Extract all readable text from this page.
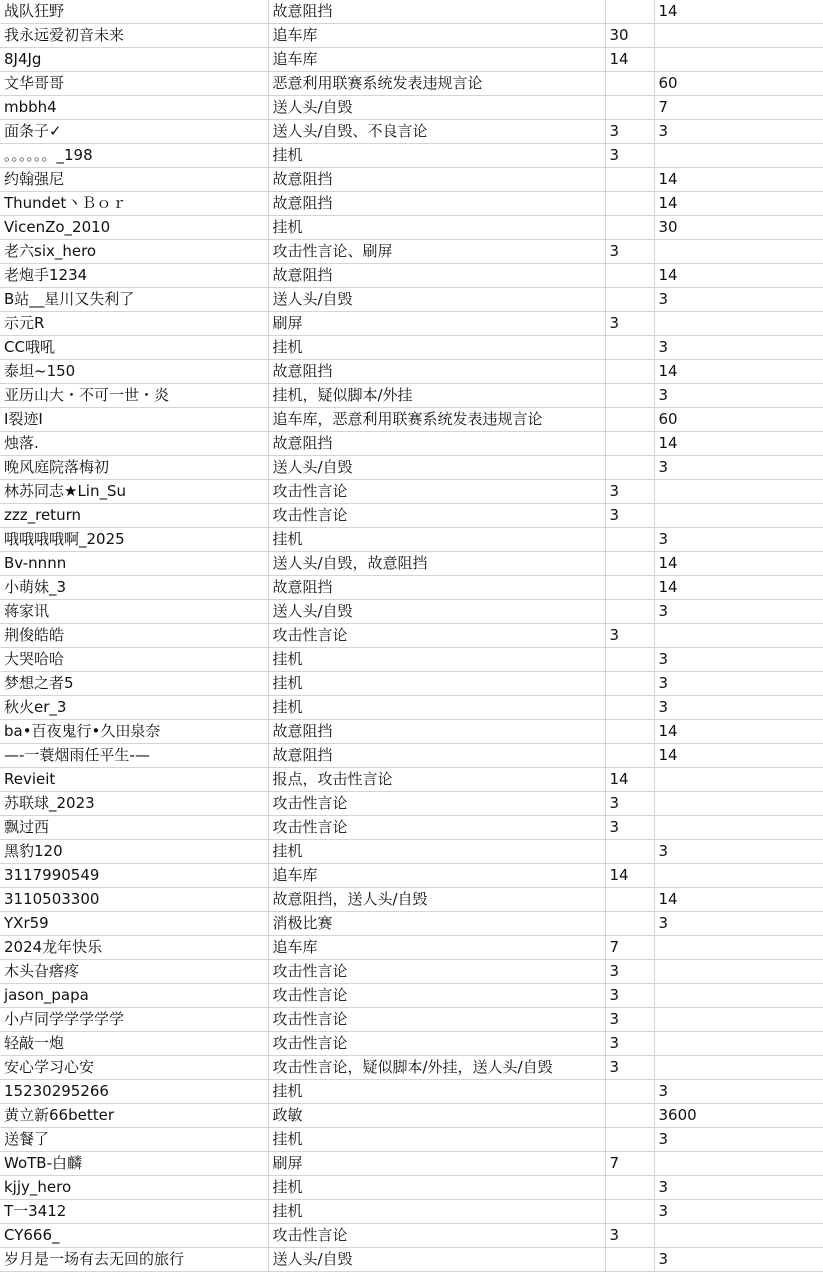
战队狂野	故意阻挡		14
我永远爱初音未来	追车库	30	
8J4Jg	追车库	14	
文华哥哥	恶意利用联赛系统发表违规言论		60
mbbh4	送人头/自毁		7
面条子✓	送人头/自毁、不良言论	3	3
。。。。。。_198	挂机	3	
约翰强尼	故意阻挡		14
Thundet丶Ｂｏｒ	故意阻挡		14
VicenZo_2010	挂机		30
老六six_hero	攻击性言论、刷屏	3	
老炮手1234	故意阻挡		14
B站__星川又失利了	送人头/自毁		3
示元R	刷屏	3	
CC哦吼	挂机		3
泰坦~150	故意阻挡		14
亚历山大・不可一世・炎	挂机，疑似脚本/外挂		3
I裂迹I	追车库，恶意利用联赛系统发表违规言论		60
烛落.	故意阻挡		14
晚风庭院落梅初	送人头/自毁		3
林苏同志★Lin_Su	攻击性言论	3	
zzz_return	攻击性言论	3	
哦哦哦哦啊_2025	挂机		3
Bv-nnnn	送人头/自毁，故意阻挡		14
小萌妹_3	故意阻挡		14
蒋家讯	送人头/自毁		3
荆俊皓皓	攻击性言论	3	
大哭哈哈	挂机		3
梦想之者5	挂机		3
秋火er_3	挂机		3
ba•百夜鬼行•久田泉奈	故意阻挡		14
—-一蓑烟雨任平生-—	故意阻挡		14
Revieit	报点，攻击性言论	14	
苏联球_2023	攻击性言论	3	
飘过西	攻击性言论	3	
黑豹120	挂机		3
3117990549	追车库	14	
3110503300	故意阻挡，送人头/自毁		14
YXr59	消极比赛		3
2024龙年快乐	追车库	7	
木头旮瘩疼	攻击性言论	3	
jason_papa	攻击性言论	3	
小卢同学学学学学	攻击性言论	3	
轻敲一炮	攻击性言论	3	
安心学习心安	攻击性言论，疑似脚本/外挂，送人头/自毁	3	
15230295266	挂机		3
黄立新66better	政敏		3600
送餐了	挂机		3
WoTB-白麟	刷屏	7	
kjjy_hero	挂机		3
T一3412	挂机		3
CY666_	攻击性言论	3	
岁月是一场有去无回的旅行	送人头/自毁		3
